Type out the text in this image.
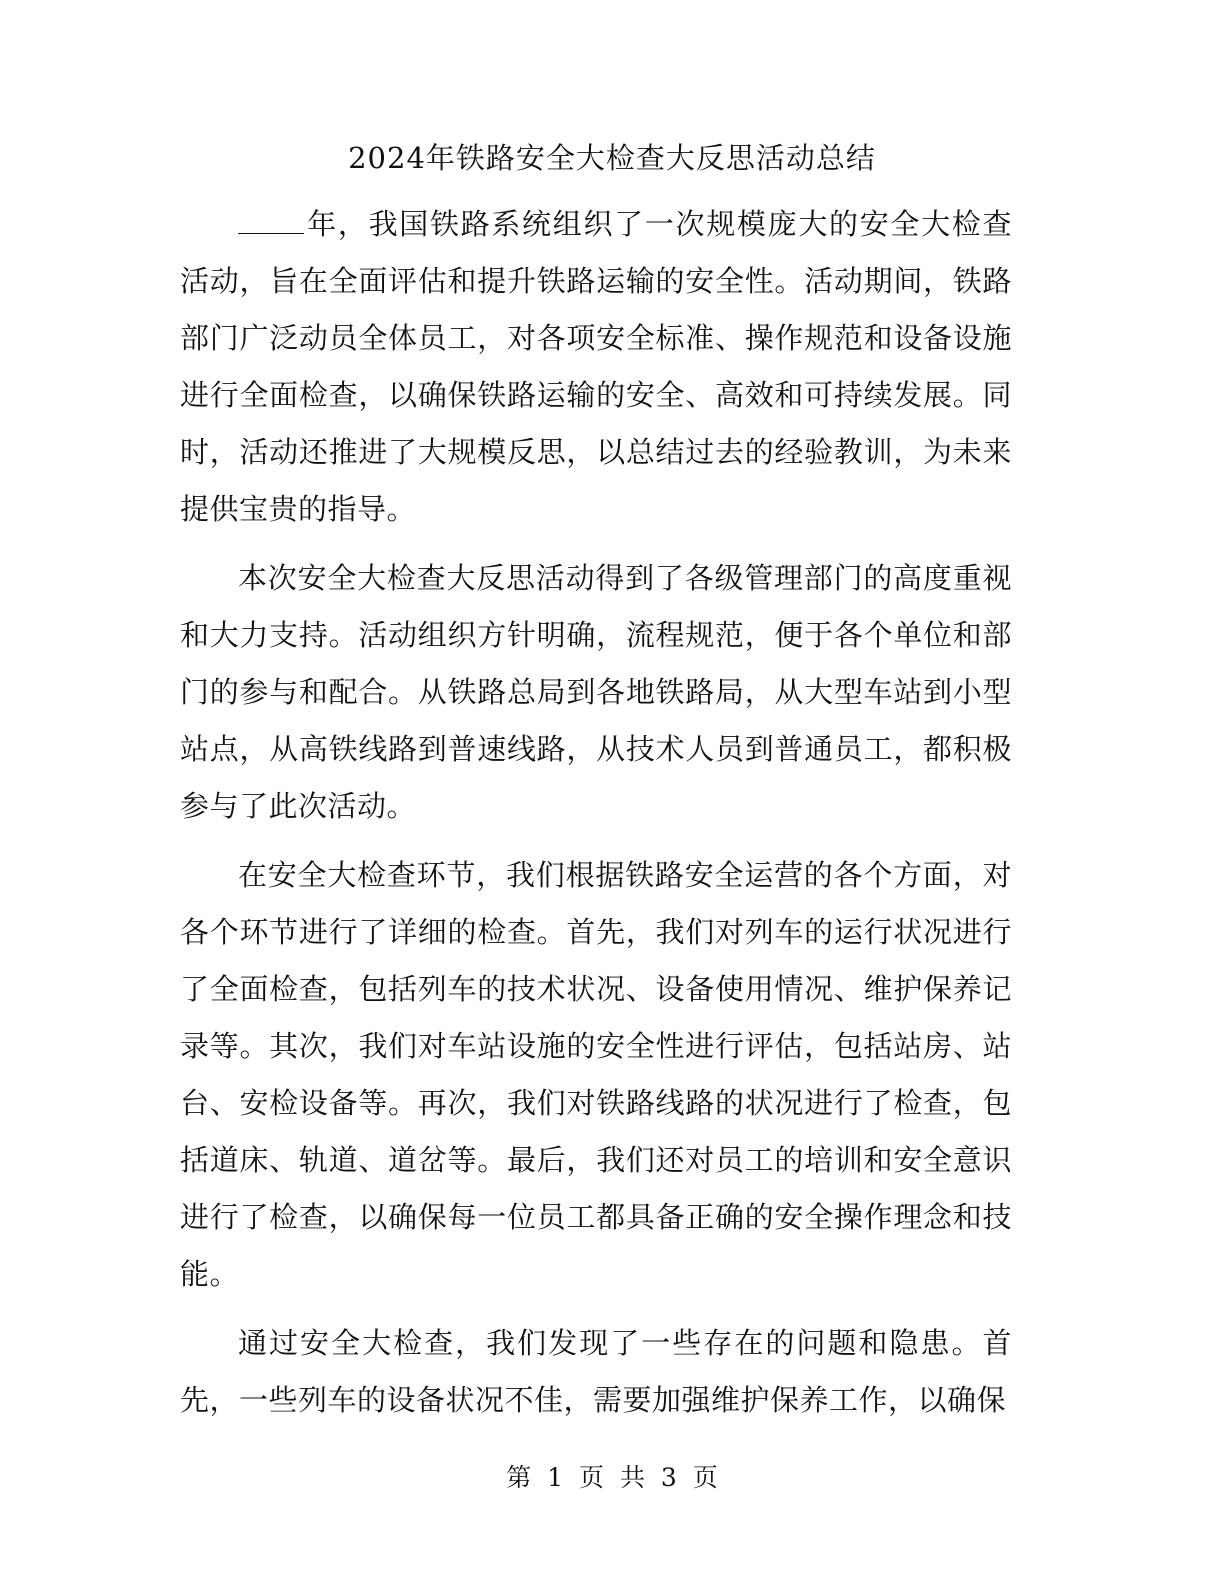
2024年铁路安全大检查大反思活动总结

年，我国铁路系统组织了一次规模庞大的安全大检查活动，旨在全面评估和提升铁路运输的安全性。活动期间，铁路部门广泛动员全体员工，对各项安全标准、操作规范和设备设施进行全面检查，以确保铁路运输的安全、高效和可持续发展。同时，活动还推进了大规模反思，以总结过去的经验教训，为未来提供宝贵的指导。

本次安全大检查大反思活动得到了各级管理部门的高度重视和大力支持。活动组织方针明确，流程规范，便于各个单位和部门的参与和配合。从铁路总局到各地铁路局，从大型车站到小型站点，从高铁线路到普速线路，从技术人员到普通员工，都积极参与了此次活动。

在安全大检查环节，我们根据铁路安全运营的各个方面，对各个环节进行了详细的检查。首先，我们对列车的运行状况进行了全面检查，包括列车的技术状况、设备使用情况、维护保养记录等。其次，我们对车站设施的安全性进行评估，包括站房、站台、安检设备等。再次，我们对铁路线路的状况进行了检查，包括道床、轨道、道岔等。最后，我们还对员工的培训和安全意识进行了检查，以确保每一位员工都具备正确的安全操作理念和技能。

通过安全大检查，我们发现了一些存在的问题和隐患。首先，一些列车的设备状况不佳，需要加强维护保养工作，以确保

第 1 页 共 3 页
